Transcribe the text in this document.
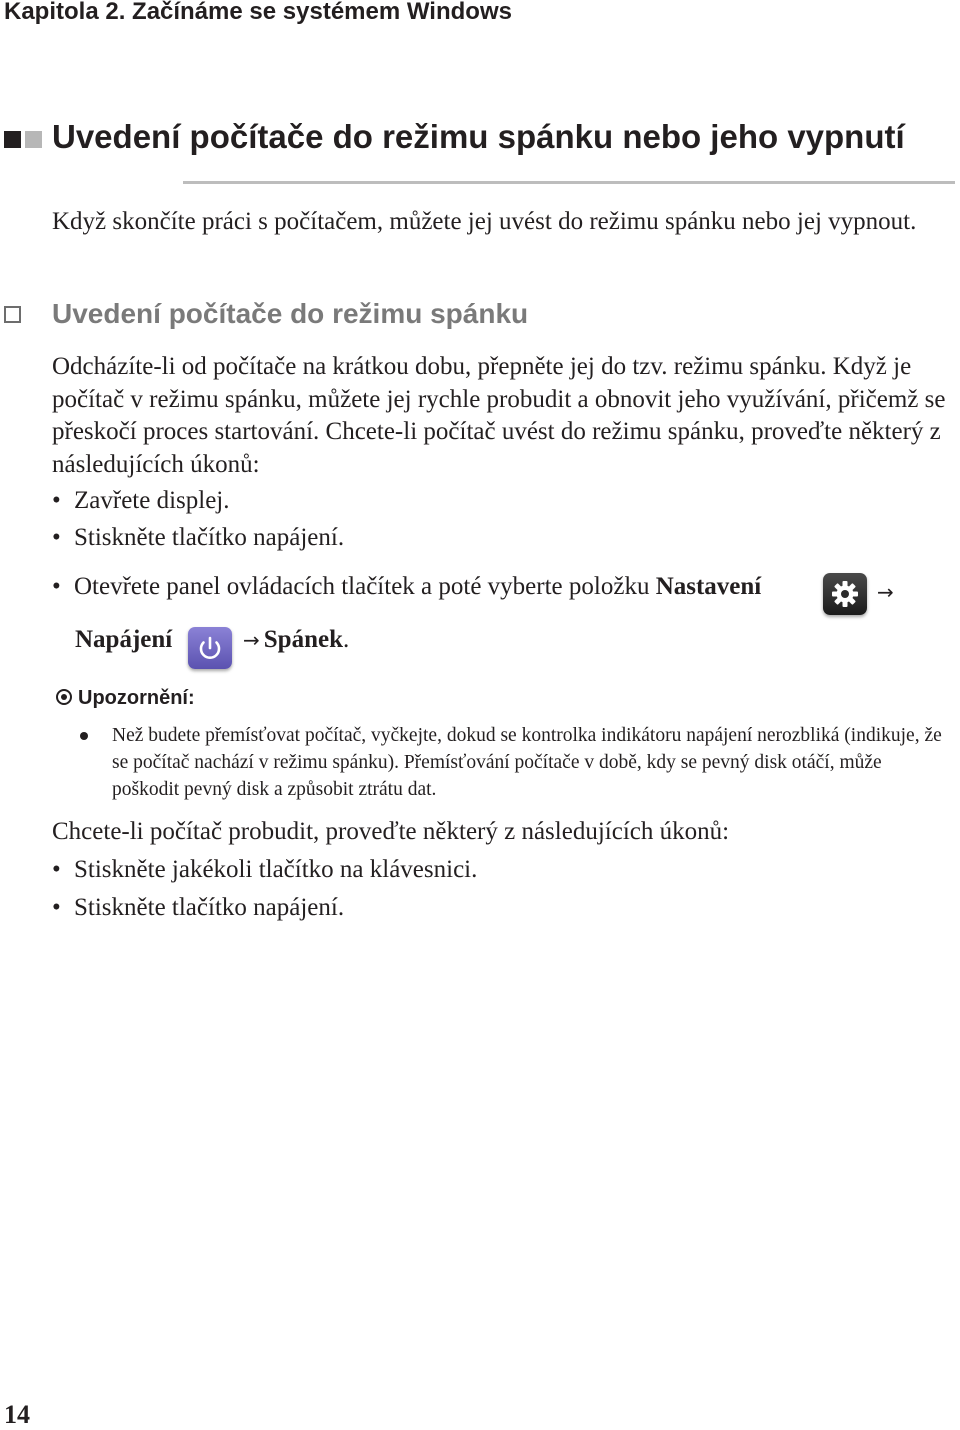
Kapitola 2. Začínáme se systémem Windows
Uvedení počítače do režimu spánku nebo jeho vypnutí
Když skončíte práci s počítačem, můžete jej uvést do režimu spánku nebo jej vypnout.
Uvedení počítače do režimu spánku
Odcházíte-li od počítače na krátkou dobu, přepněte jej do tzv. režimu spánku. Když je počítač v režimu spánku, můžete jej rychle probudit a obnovit jeho využívání, přičemž se přeskočí proces startování. Chcete-li počítač uvést do režimu spánku, proveďte některý z následujících úkonů:
• Zavřete displej.
• Stiskněte tlačítko napájení.
• Otevřete panel ovládacích tlačítek a poté vyberte položku Nastavení	→
Napájení	→ Spánek.
Upozornění:
Než budete přemísťovat počítač, vyčkejte, dokud se kontrolka indikátoru napájení nerozbliká (indikuje, že se počítač nachází v režimu spánku). Přemísťování počítače v době, kdy se pevný disk otáčí, může poškodit pevný disk a způsobit ztrátu dat.
Chcete-li počítač probudit, proveďte některý z následujících úkonů:
• Stiskněte jakékoli tlačítko na klávesnici.
• Stiskněte tlačítko napájení.
14
